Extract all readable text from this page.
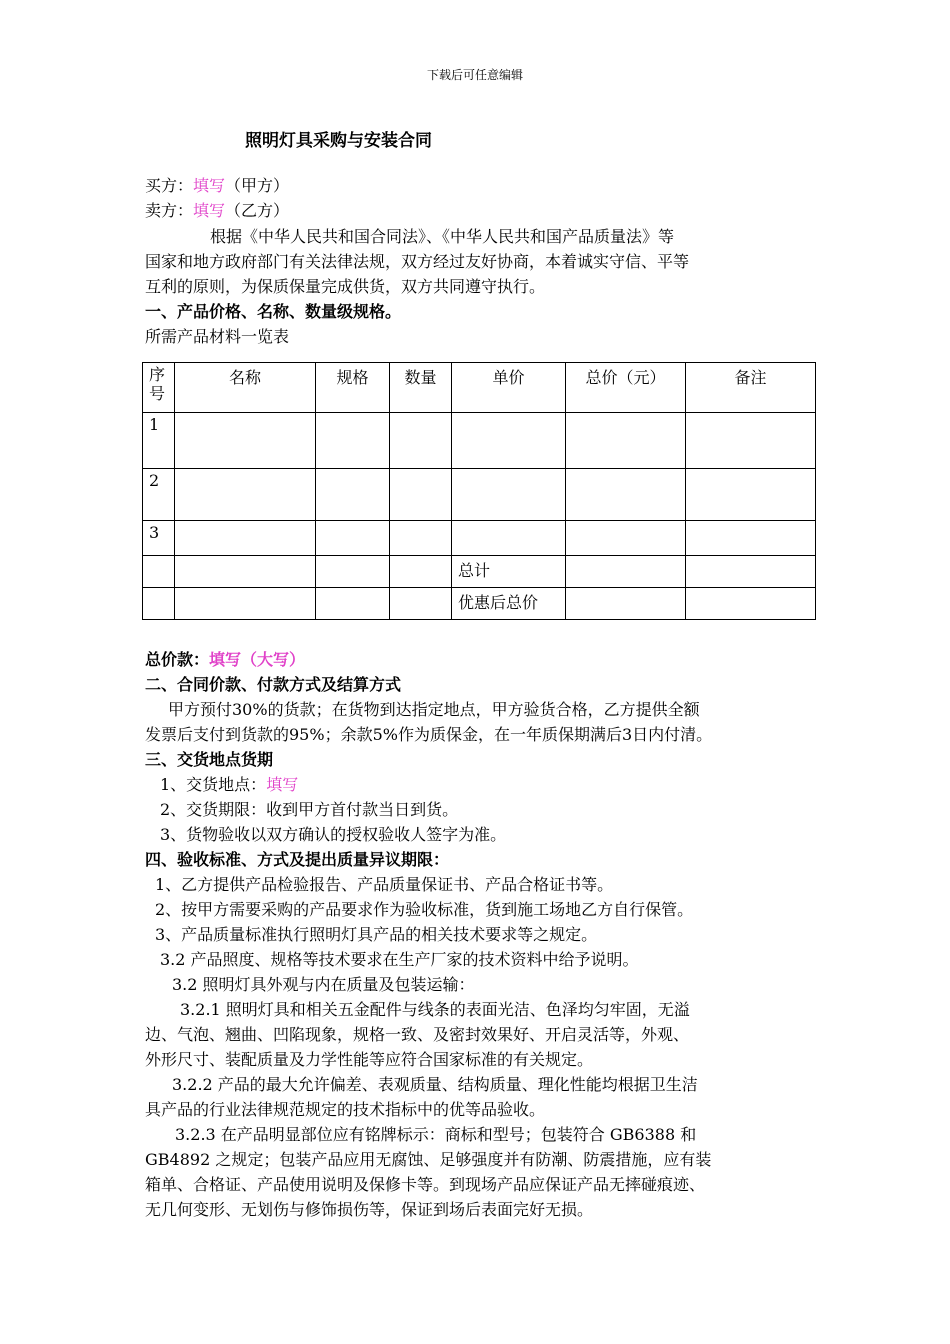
下载后可任意编辑
照明灯具采购与安装合同
买方：填写（甲方）
卖方：填写（乙方）
根据《中华人民共和国合同法》、《中华人民共和国产品质量法》等
国家和地方政府部门有关法律法规，双方经过友好协商，本着诚实守信、平等
互利的原则，为保质保量完成供货，双方共同遵守执行。
一、产品价格、名称、数量级规格。
所需产品材料一览表
序号	名称	规格	数量	单价	总价（元）	备注
1						
2						
3						
				总计		
				优惠后总价		
总价款：填写（大写）
二、合同价款、付款方式及结算方式
甲方预付30%的货款；在货物到达指定地点，甲方验货合格，乙方提供全额
发票后支付到货款的95%；余款5%作为质保金，在一年质保期满后3日内付清。
三、交货地点货期
1、交货地点：填写
2、交货期限：收到甲方首付款当日到货。
3、货物验收以双方确认的授权验收人签字为准。
四、验收标准、方式及提出质量异议期限：
1、乙方提供产品检验报告、产品质量保证书、产品合格证书等。
2、按甲方需要采购的产品要求作为验收标准，货到施工场地乙方自行保管。
3、产品质量标准执行照明灯具产品的相关技术要求等之规定。
3.2 产品照度、规格等技术要求在生产厂家的技术资料中给予说明。
3.2 照明灯具外观与内在质量及包装运输：
3.2.1 照明灯具和相关五金配件与线条的表面光洁、色泽均匀牢固，无溢
边、气泡、翘曲、凹陷现象，规格一致、及密封效果好、开启灵活等，外观、
外形尺寸、装配质量及力学性能等应符合国家标准的有关规定。
3.2.2 产品的最大允许偏差、表观质量、结构质量、理化性能均根据卫生洁
具产品的行业法律规范规定的技术指标中的优等品验收。
3.2.3 在产品明显部位应有铭牌标示：商标和型号；包装符合 GB6388 和
GB4892 之规定；包装产品应用无腐蚀、足够强度并有防潮、防震措施，应有装
箱单、合格证、产品使用说明及保修卡等。到现场产品应保证产品无摔碰痕迹、
无几何变形、无划伤与修饰损伤等，保证到场后表面完好无损。
